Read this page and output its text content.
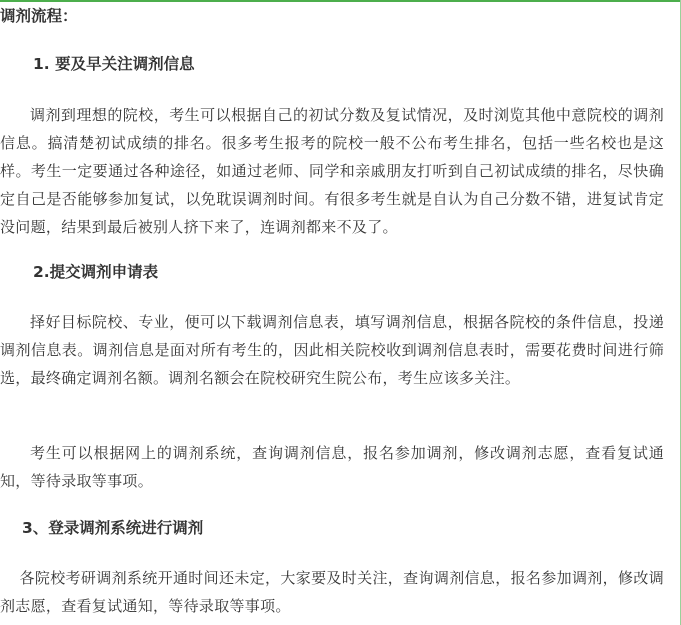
调剂流程：
1. 要及早关注调剂信息

调剂到理想的院校，考生可以根据自己的初试分数及复试情况，及时浏览其他中意院校的调剂信息。搞清楚初试成绩的排名。很多考生报考的院校一般不公布考生排名，包括一些名校也是这样。考生一定要通过各种途径，如通过老师、同学和亲戚朋友打听到自己初试成绩的排名，尽快确定自己是否能够参加复试，以免耽误调剂时间。有很多考生就是自认为自己分数不错，进复试肯定没问题，结果到最后被别人挤下来了，连调剂都来不及了。

2.提交调剂申请表

择好目标院校、专业，便可以下载调剂信息表，填写调剂信息，根据各院校的条件信息，投递调剂信息表。调剂信息是面对所有考生的，因此相关院校收到调剂信息表时，需要花费时间进行筛选，最终确定调剂名额。调剂名额会在院校研究生院公布，考生应该多关注。

考生可以根据网上的调剂系统，查询调剂信息，报名参加调剂，修改调剂志愿，查看复试通知，等待录取等事项。

3、登录调剂系统进行调剂

各院校考研调剂系统开通时间还未定，大家要及时关注，查询调剂信息，报名参加调剂，修改调剂志愿，查看复试通知，等待录取等事项。
